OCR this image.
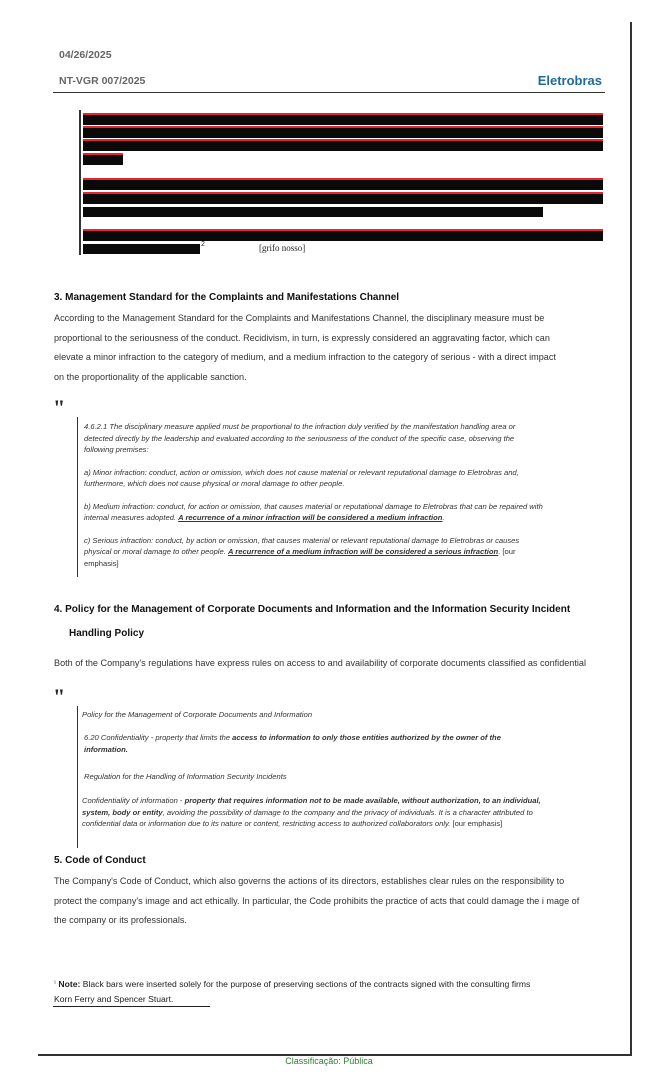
04/26/2025
NT-VGR 007/2025	Eletrobras
2	[grifo nosso]
3. Management Standard for the Complaints and Manifestations Channel
According to the Management Standard for the Complaints and Manifestations Channel, the disciplinary measure must be
proportional to the seriousness of the conduct. Recidivism, in turn, is expressly considered an aggravating factor, which can
elevate a minor infraction to the category of medium, and a medium infraction to the category of serious - with a direct impact
on the proportionality of the applicable sanction.
"
4.6.2.1 The disciplinary measure applied must be proportional to the infraction duly verified by the manifestation handling area or
detected directly by the leadership and evaluated according to the seriousness of the conduct of the specific case, observing the
following premises:
a) Minor infraction: conduct, action or omission, which does not cause material or relevant reputational damage to Eletrobras and,
furthermore, which does not cause physical or moral damage to other people.
b) Medium infraction: conduct, for action or omission, that causes material or reputational damage to Eletrobras that can be repaired with
internal measures adopted. A recurrence of a minor infraction will be considered a medium infraction.
c) Serious infraction: conduct, by action or omission, that causes material or relevant reputational damage to Eletrobras or causes
physical or moral damage to other people. A recurrence of a medium infraction will be considered a serious infraction. [our
emphasis]
4. Policy for the Management of Corporate Documents and Information and the Information Security Incident
Handling Policy
Both of the Company's regulations have express rules on access to and availability of corporate documents classified as confidential
"
Policy for the Management of Corporate Documents and Information
6.20 Confidentiality - property that limits the access to information to only those entities authorized by the owner of the
information.
Regulation for the Handling of Information Security Incidents
Confidentiality of information - property that requires information not to be made available, without authorization, to an individual,
system, body or entity, avoiding the possibility of damage to the company and the privacy of individuals. It is a character attributed to
confidential data or information due to its nature or content, restricting access to authorized collaborators only. [our emphasis]
5. Code of Conduct
The Company's Code of Conduct, which also governs the actions of its directors, establishes clear rules on the responsibility to
protect the company's image and act ethically. In particular, the Code prohibits the practice of acts that could damage the i mage of
the company or its professionals.
$^{^1}$ Note: Black bars were inserted solely for the purpose of preserving sections of the contracts signed with the consulting firms
Korn Ferry and Spencer Stuart.
Classificação: Pública
